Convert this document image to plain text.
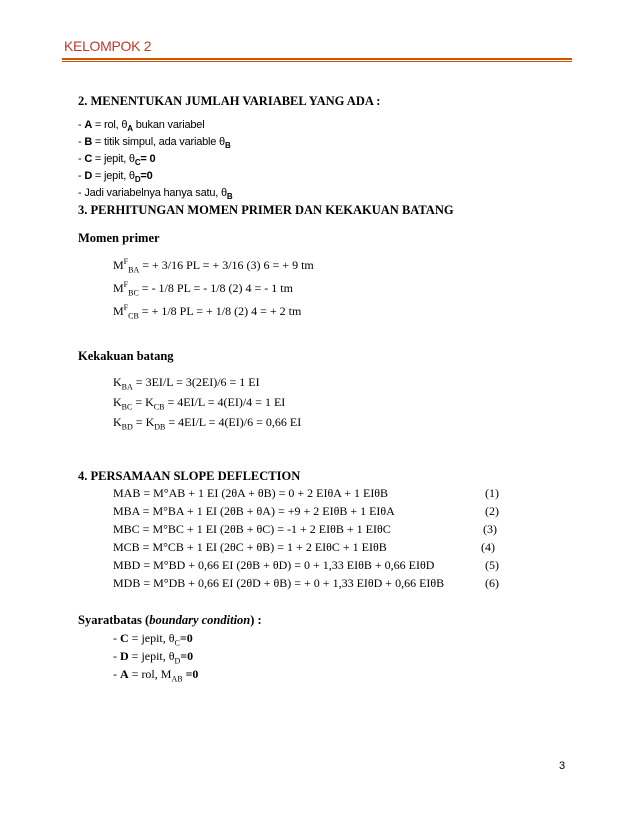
KELOMPOK 2
2. MENENTUKAN JUMLAH VARIABEL YANG ADA :
- A = rol, $\theta_A$ bukan variabel
- B = titik simpul, ada variable $\theta_B$
- C = jepit, $\theta_C= 0$
- D = jepit, $\theta_D=0$
- Jadi variabelnya hanya satu, $\theta_B$
3. PERHITUNGAN MOMEN PRIMER DAN KEKAKUAN BATANG
Momen primer
$M^F_{BA}$ = + 3/16 PL = + 3/16 (3) 6 = + 9 tm
$M^F_{BC}$ = - 1/8 PL = - 1/8 (2) 4 = - 1 tm
$M^F_{CB}$ = + 1/8 PL = + 1/8 (2) 4 = + 2 tm
Kekakuan batang
$K_{BA} = 3EI/L = 3(2EI)/6 = 1$ EI
$K_{BC} = K_{CB} = 4EI/L = 4(EI)/4 = 1$ EI
$K_{BD} = K_{DB} = 4EI/L = 4(EI)/6 = 0,66$ EI
4. PERSAMAAN SLOPE DEFLECTION
MAB = M°AB + 1 EI (2θA + θB) = 0 + 2 EIθA + 1 EIθB	(1)
MBA = M°BA + 1 EI (2θB + θA) = +9 + 2 EIθB + 1 EIθA	(2)
MBC = M°BC + 1 EI (2θB + θC) = -1 + 2 EIθB + 1 EIθC	(3)
MCB = M°CB + 1 EI (2θC + θB) = 1 + 2 EIθC + 1 EIθB	(4)
MBD = M°BD + 0,66 EI (2θB + θD) = 0 + 1,33 EIθB + 0,66 EIθD	(5)
MDB = M°DB + 0,66 EI (2θD + θB) = + 0 + 1,33 EIθD + 0,66 EIθB	(6)
Syaratbatas (boundary condition) :
- C = jepit, $\theta_C=0$
- D = jepit, $\theta_D=0$
- A = rol, $M_{AB} =0$
3
